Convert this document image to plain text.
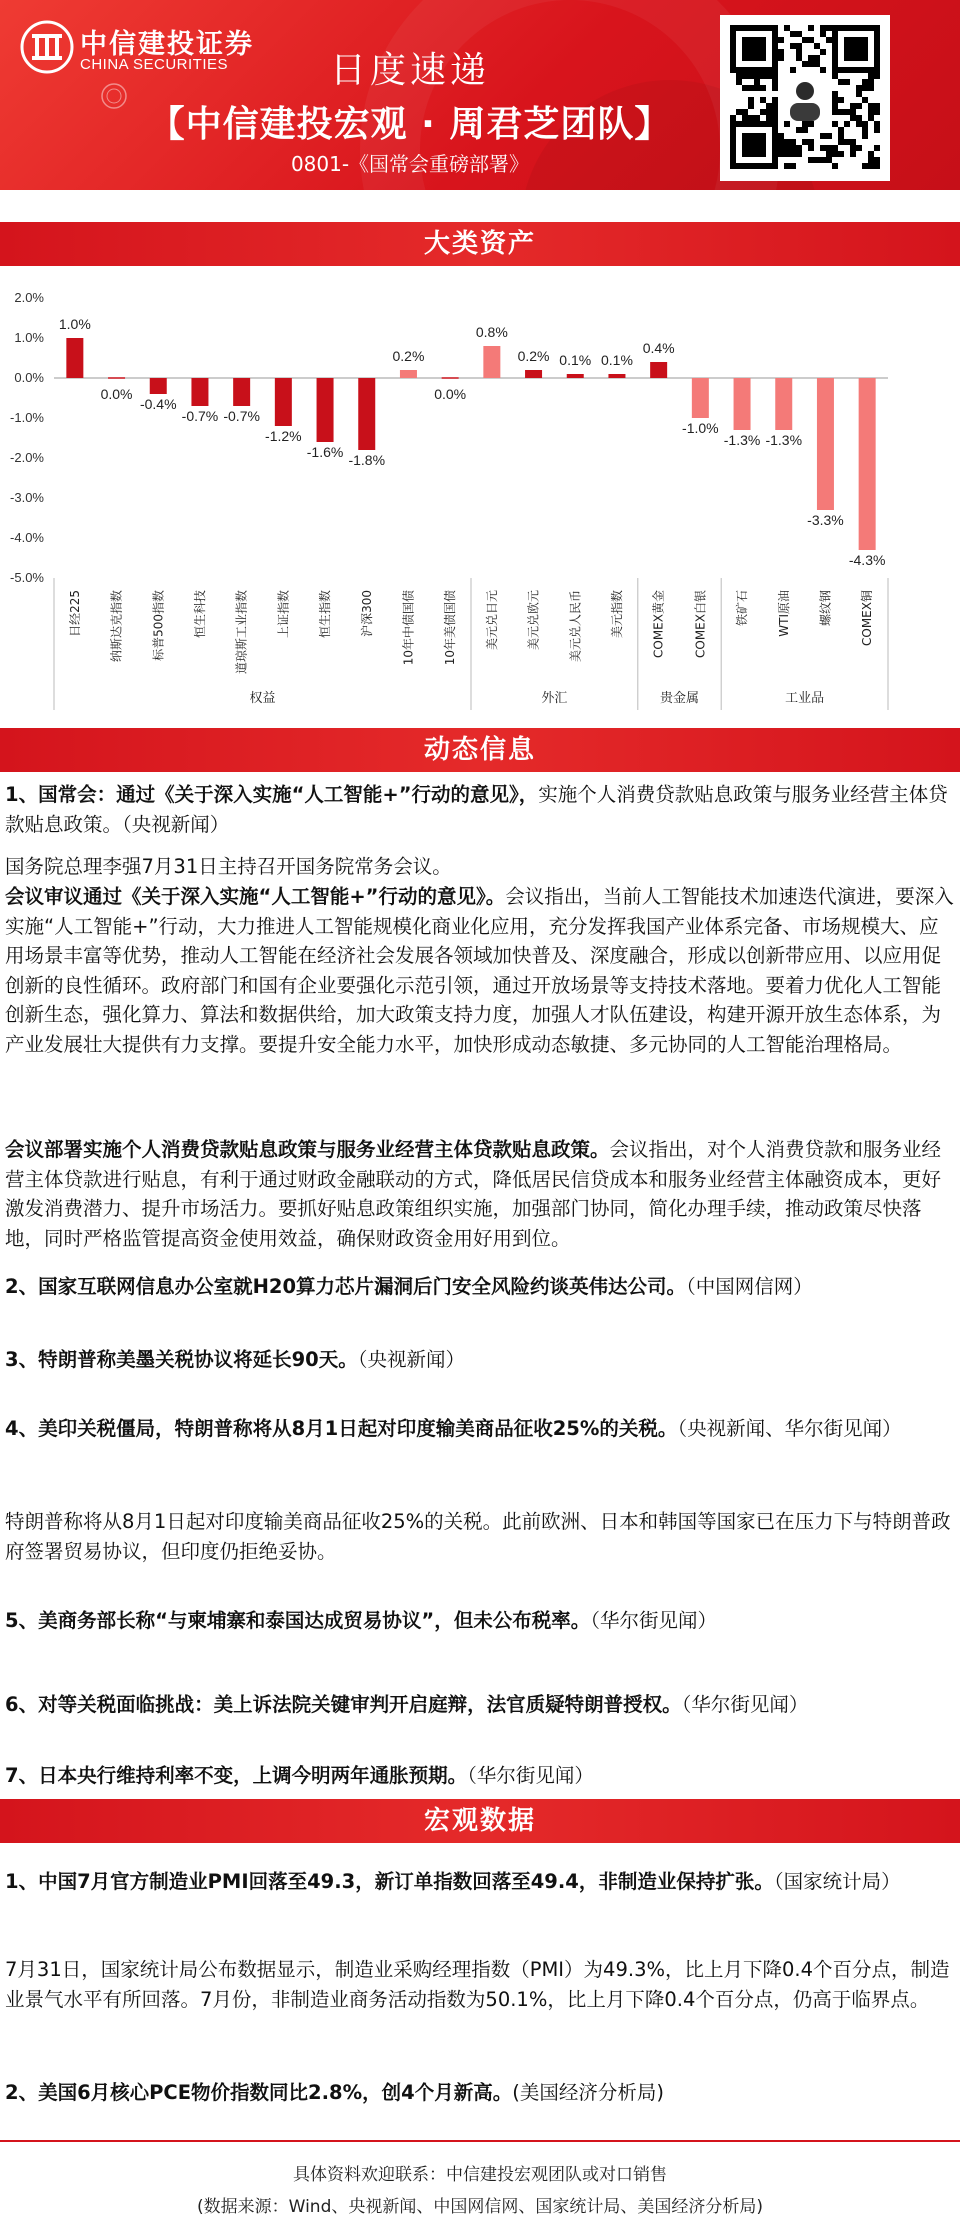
中信建投证券
CHINA SECURITIES	日度速递
【中信建投宏观 · 周君芝团队】
0801-《国常会重磅部署》
大类资产
2.0%
1.0%
0.0%
-1.0%
-2.0%
-3.0%
-4.0%
-5.0%
1.0%
日经225
0.0%
纳斯达克指数
-0.4%
标普500指数
-0.7%
恒生科技
-0.7%
道琼斯工业指数
-1.2%
上证指数
-1.6%
恒生指数
-1.8%
沪深300
0.2%
10年中债国债
0.0%
10年美债国债
0.8%
美元兑日元
0.2%
美元兑欧元
0.1%
美元兑人民币
0.1%
美元指数
0.4%
COMEX黄金
-1.0%
COMEX白银
-1.3%
铁矿石
-1.3%
WTI原油
-3.3%
螺纹钢
-4.3%
COMEX铜
权益	外汇	贵金属	工业品
动态信息
1、国常会：通过《关于深入实施“人工智能+”行动的意见》，实施个人消费贷款贴息政策与服务业经营主体贷款贴息政策。（央视新闻）
国务院总理李强7月31日主持召开国务院常务会议。
会议审议通过《关于深入实施“人工智能+”行动的意见》。会议指出，当前人工智能技术加速迭代演进，要深入实施“人工智能+”行动，大力推进人工智能规模化商业化应用，充分发挥我国产业体系完备、市场规模大、应用场景丰富等优势，推动人工智能在经济社会发展各领域加快普及、深度融合，形成以创新带应用、以应用促创新的良性循环。政府部门和国有企业要强化示范引领，通过开放场景等支持技术落地。要着力优化人工智能创新生态，强化算力、算法和数据供给，加大政策支持力度，加强人才队伍建设，构建开源开放生态体系，为产业发展壮大提供有力支撑。要提升安全能力水平，加快形成动态敏捷、多元协同的人工智能治理格局。
会议部署实施个人消费贷款贴息政策与服务业经营主体贷款贴息政策。会议指出，对个人消费贷款和服务业经营主体贷款进行贴息，有利于通过财政金融联动的方式，降低居民信贷成本和服务业经营主体融资成本，更好激发消费潜力、提升市场活力。要抓好贴息政策组织实施，加强部门协同，简化办理手续，推动政策尽快落地，同时严格监管提高资金使用效益，确保财政资金用好用到位。
2、国家互联网信息办公室就H20算力芯片漏洞后门安全风险约谈英伟达公司。（中国网信网）
3、特朗普称美墨关税协议将延长90天。（央视新闻）
4、美印关税僵局，特朗普称将从8月1日起对印度输美商品征收25%的关税。（央视新闻、华尔街见闻）
特朗普称将从8月1日起对印度输美商品征收25%的关税。此前欧洲、日本和韩国等国家已在压力下与特朗普政府签署贸易协议，但印度仍拒绝妥协。
5、美商务部长称“与柬埔寨和泰国达成贸易协议”，但未公布税率。（华尔街见闻）
6、对等关税面临挑战：美上诉法院关键审判开启庭辩，法官质疑特朗普授权。（华尔街见闻）
7、日本央行维持利率不变，上调今明两年通胀预期。（华尔街见闻）
宏观数据
1、中国7月官方制造业PMI回落至49.3，新订单指数回落至49.4，非制造业保持扩张。（国家统计局）
7月31日，国家统计局公布数据显示，制造业采购经理指数（PMI）为49.3%，比上月下降0.4个百分点，制造业景气水平有所回落。7月份，非制造业商务活动指数为50.1%，比上月下降0.4个百分点，仍高于临界点。
2、美国6月核心PCE物价指数同比2.8%，创4个月新高。(美国经济分析局)
具体资料欢迎联系：中信建投宏观团队或对口销售
(数据来源：Wind、央视新闻、中国网信网、国家统计局、美国经济分析局)
